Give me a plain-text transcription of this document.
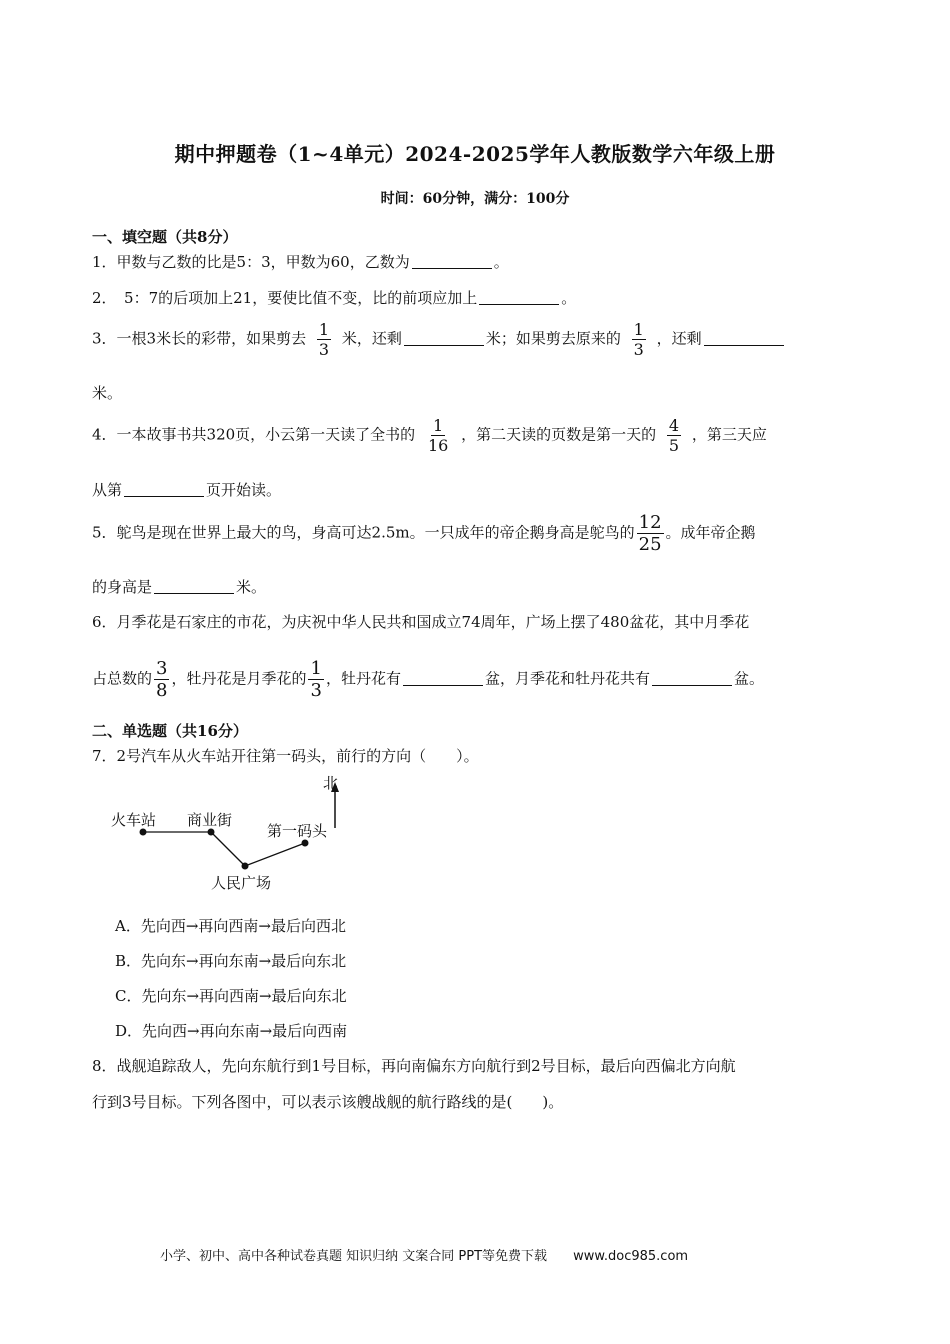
期中押题卷（1~4单元）2024-2025学年人教版数学六年级上册
时间：60分钟，满分：100分
一、填空题（共8分）
1．甲数与乙数的比是5：3，甲数为60，乙数为	。
2．　5：7的后项加上21，要使比值不变，比的前项应加上	。
3．一根3米长的彩带，如果剪去 $\frac{1}{3}$ 米，还剩	米；如果剪去原来的 $\frac{1}{3}$ ，还剩
米。
4．一本故事书共320页，小云第一天读了全书的 $\frac{1}{16}$ ，第二天读的页数是第一天的 $\frac{4}{5}$ ，第三天应
从第	页开始读。
5．鸵鸟是现在世界上最大的鸟，身高可达2.5m。一只成年的帝企鹅身高是鸵鸟的 $\frac{12}{25}$ 。成年帝企鹅
的身高是	米。
6．月季花是石家庄的市花，为庆祝中华人民共和国成立74周年，广场上摆了480盆花，其中月季花
占总数的 $\frac{3}{8}$ ，牡丹花是月季花的 $\frac{1}{3}$ ，牡丹花有	盆，月季花和牡丹花共有	盆。
二、单选题（共16分）
7．2号汽车从火车站开往第一码头，前行的方向（　　）。
北
火车站 商业街
第一码头
人民广场
A．先向西→再向西南→最后向西北
B．先向东→再向东南→最后向东北
C．先向东→再向西南→最后向东北
D．先向西→再向东南→最后向西南
8．战舰追踪敌人，先向东航行到1号目标，再向南偏东方向航行到2号目标，最后向西偏北方向航
行到3号目标。下列各图中，可以表示该艘战舰的航行路线的是(　　)。
小学、初中、高中各种试卷真题 知识归纳 文案合同 PPT等免费下载 www.doc985.com
